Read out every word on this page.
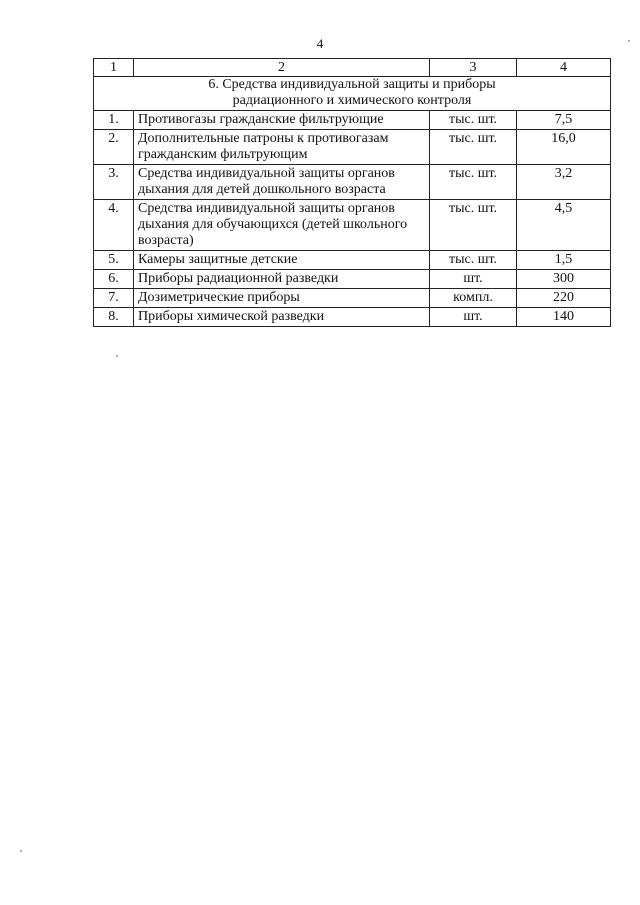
4
1	2	3	4

6. Средства индивидуальной защиты и приборы
радиационного и химического контроля			

1.	Противогазы гражданские фильтрующие	тыс. шт.	7,5
2.	Дополнительные патроны к противогазам гражданским фильтрующим	тыс. шт.	16,0
3.	Средства индивидуальной защиты органов дыхания для детей дошкольного возраста	тыс. шт.	3,2
4.	Средства индивидуальной защиты органов дыхания для обучающихся (детей школьного возраста)	тыс. шт.	4,5
5.	Камеры защитные детские	тыс. шт.	1,5
6.	Приборы радиационной разведки	шт.	300
7.	Дозиметрические приборы	компл.	220
8.	Приборы химической разведки	шт.	140
